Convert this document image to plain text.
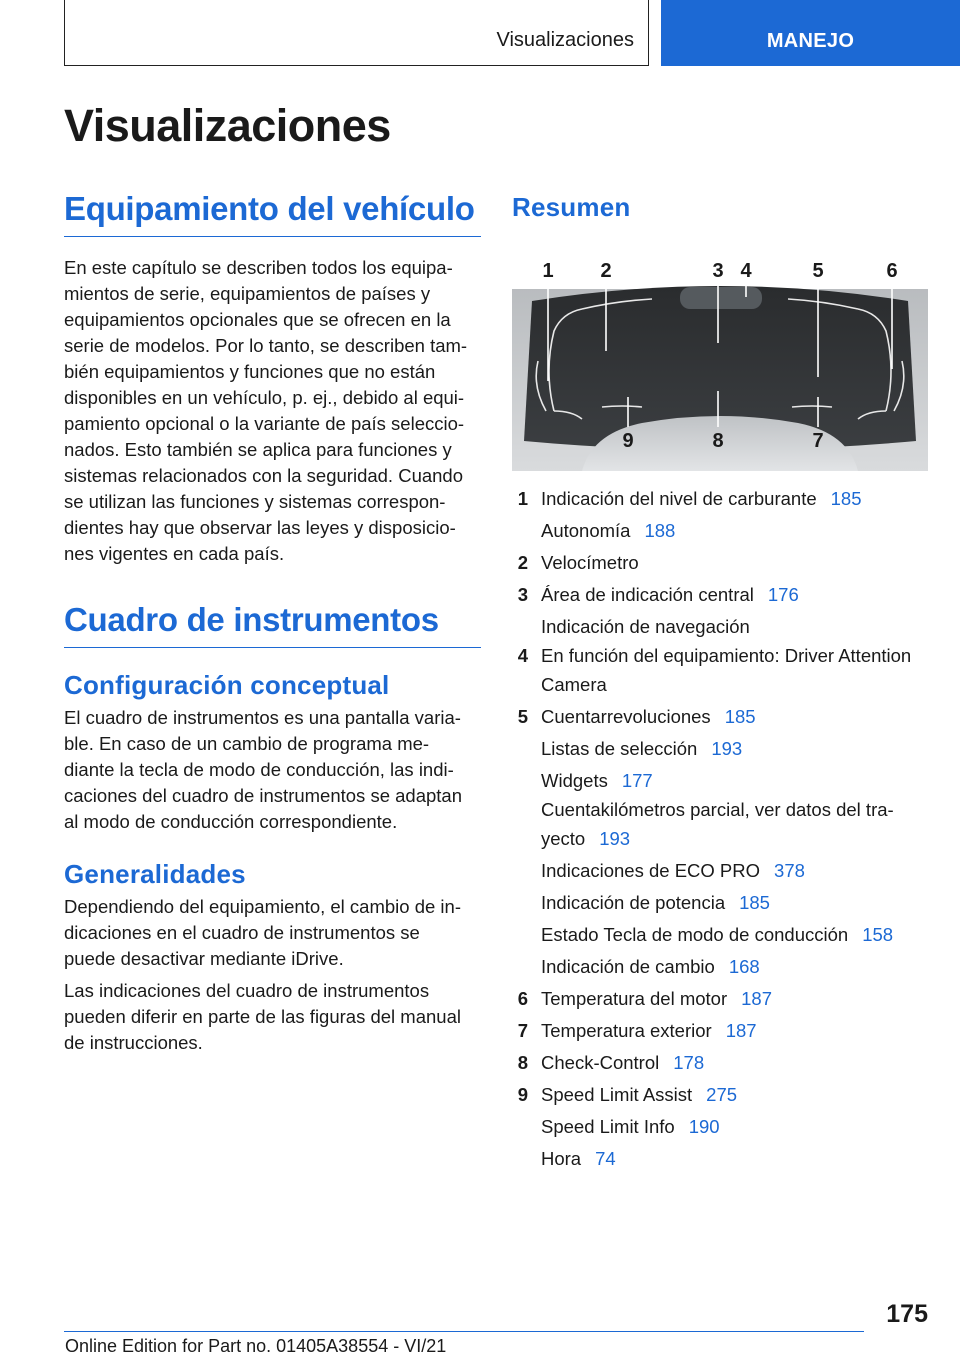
Visualizaciones	MANEJO
Visualizaciones
Equipamiento del vehículo
En este capítulo se describen todos los equipa-
mientos de serie, equipamientos de países y
equipamientos opcionales que se ofrecen en la
serie de modelos. Por lo tanto, se describen tam-
bién equipamientos y funciones que no están
disponibles en un vehículo, p. ej., debido al equi-
pamiento opcional o la variante de país seleccio-
nados. Esto también se aplica para funciones y
sistemas relacionados con la seguridad. Cuando
se utilizan las funciones y sistemas correspon-
dientes hay que observar las leyes y disposicio-
nes vigentes en cada país.
Cuadro de instrumentos
Configuración conceptual
El cuadro de instrumentos es una pantalla varia-
ble. En caso de un cambio de programa me-
diante la tecla de modo de conducción, las indi-
caciones del cuadro de instrumentos se adaptan
al modo de conducción correspondiente.
Generalidades
Dependiendo del equipamiento, el cambio de in-
dicaciones en el cuadro de instrumentos se
puede desactivar mediante iDrive.
Las indicaciones del cuadro de instrumentos
pueden diferir en parte de las figuras del manual
de instrucciones.
Resumen
1 2	3 4	5	6
9	8	7
1 Indicación del nivel de carburante 185
Autonomía 188
2 Velocímetro
3 Área de indicación central 176
Indicación de navegación
4 En función del equipamiento: Driver Attention
Camera
5 Cuentarrevoluciones 185
Listas de selección 193
Widgets 177
Cuentakilómetros parcial, ver datos del tra-
yecto 193
Indicaciones de ECO PRO 378
Indicación de potencia 185
Estado Tecla de modo de conducción 158
Indicación de cambio 168
6 Temperatura del motor 187
7 Temperatura exterior 187
8 Check-Control 178
9 Speed Limit Assist 275
Speed Limit Info 190
Hora 74
175
Online Edition for Part no. 01405A38554 - VI/21
